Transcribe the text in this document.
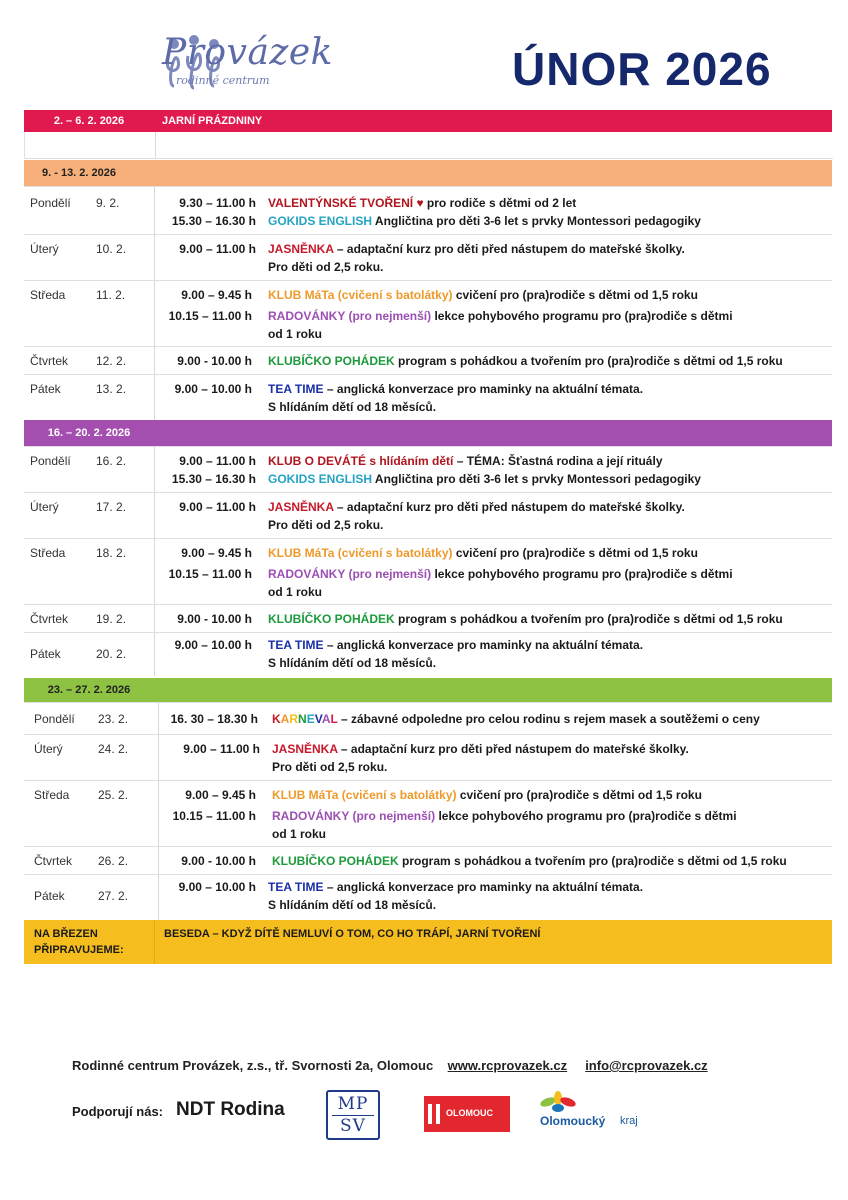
Provázek
rodinné centrum	ÚNOR 2026
2. – 6. 2. 2026	JARNÍ PRÁZDNINY
9. - 13. 2. 2026
Pondělí 9. 2.	9.30 – 11.00 h VALENTÝNSKÉ TVOŘENÍ ♥ pro rodiče s dětmi od 2 let
15.30 – 16.30 h GOKIDS ENGLISH Angličtina pro děti 3-6 let s prvky Montessori pedagogiky
Úterý	10. 2.	9.00 – 11.00 h JASNĚNKA – adaptační kurz pro děti před nástupem do mateřské školky.
Pro děti od 2,5 roku.
Středa	11. 2.	9.00 – 9.45 h KLUB MáTa (cvičení s batolátky) cvičení pro (pra)rodiče s dětmi od 1,5 roku
10.15 – 11.00 h RADOVÁNKY (pro nejmenší) lekce pohybového programu pro (pra)rodiče s dětmi
od 1 roku
Čtvrtek 12. 2.	9.00 - 10.00 h KLUBÍČKO POHÁDEK program s pohádkou a tvořením pro (pra)rodiče s dětmi od 1,5 roku
Pátek	13. 2.	9.00 – 10.00 h TEA TIME – anglická konverzace pro maminky na aktuální témata.
S hlídáním dětí od 18 měsíců.
16. – 20. 2. 2026
Pondělí 16. 2.	9.00 – 11.00 h KLUB O DEVÁTÉ s hlídáním dětí – TÉMA: Šťastná rodina a její rituály
15.30 – 16.30 h GOKIDS ENGLISH Angličtina pro děti 3-6 let s prvky Montessori pedagogiky
Úterý	17. 2.	9.00 – 11.00 h JASNĚNKA – adaptační kurz pro děti před nástupem do mateřské školky.
Pro děti od 2,5 roku.
Středa	18. 2.	9.00 – 9.45 h KLUB MáTa (cvičení s batolátky) cvičení pro (pra)rodiče s dětmi od 1,5 roku
10.15 – 11.00 h RADOVÁNKY (pro nejmenší) lekce pohybového programu pro (pra)rodiče s dětmi
od 1 roku
Čtvrtek 19. 2.	9.00 - 10.00 h KLUBÍČKO POHÁDEK program s pohádkou a tvořením pro (pra)rodiče s dětmi od 1,5 roku
Pátek	20. 2.
9.00 – 10.00 h TEA TIME – anglická konverzace pro maminky na aktuální témata.
S hlídáním dětí od 18 měsíců.
23. – 27. 2. 2026
Pondělí 23. 2.	16. 30 – 18.30 h KARNEVAL – zábavné odpoledne pro celou rodinu s rejem masek a soutěžemi o ceny
Úterý	24. 2.	9.00 – 11.00 h JASNĚNKA – adaptační kurz pro děti před nástupem do mateřské školky.
Pro děti od 2,5 roku.
Středa 25. 2.	9.00 – 9.45 h KLUB MáTa (cvičení s batolátky) cvičení pro (pra)rodiče s dětmi od 1,5 roku
10.15 – 11.00 h RADOVÁNKY (pro nejmenší) lekce pohybového programu pro (pra)rodiče s dětmi
od 1 roku
Čtvrtek 26. 2.	9.00 - 10.00 h KLUBÍČKO POHÁDEK program s pohádkou a tvořením pro (pra)rodiče s dětmi od 1,5 roku
Pátek	27. 2.
9.00 – 10.00 h TEA TIME – anglická konverzace pro maminky na aktuální témata.
S hlídáním dětí od 18 měsíců.
NA BŘEZEN
PŘIPRAVUJEME:
BESEDA – KDYŽ DÍTĚ NEMLUVÍ O TOM, CO HO TRÁPÍ, JARNÍ TVOŘENÍ
Rodinné centrum Provázek, z.s., tř. Svornosti 2a, Olomouc www.rcprovazek.cz info@rcprovazek.cz
Podporují nás: NDT Rodina	MP
SV
OLOMOUC
Olomoucký kraj
